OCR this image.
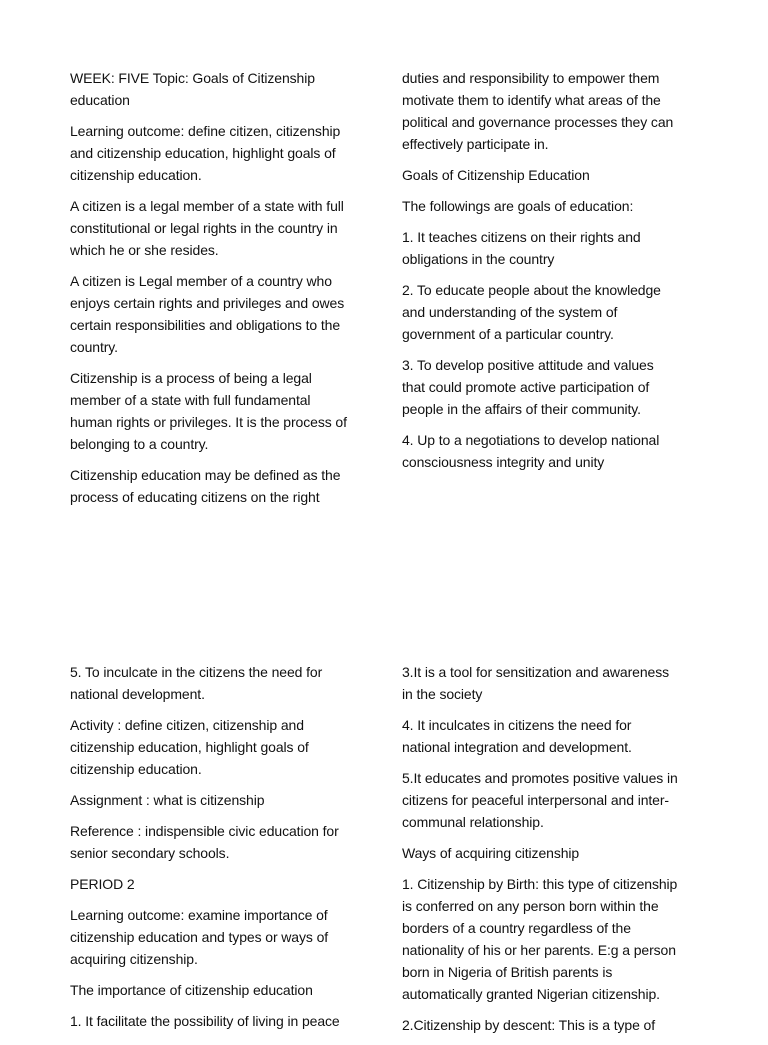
WEEK: FIVE Topic: Goals of Citizenship
education

Learning outcome: define citizen, citizenship
and citizenship education, highlight goals of
citizenship education.

A citizen is a legal member of a state with full
constitutional or legal rights in the country in
which he or she resides.

A citizen is Legal member of a country who
enjoys certain rights and privileges and owes
certain responsibilities and obligations to the
country.

Citizenship is a process of being a legal
member of a state with full fundamental
human rights or privileges. It is the process of
belonging to a country.

Citizenship education may be defined as the
process of educating citizens on the right

duties and responsibility to empower them
motivate them to identify what areas of the
political and governance processes they can
effectively participate in.

Goals of Citizenship Education

The followings are goals of education:

1. It teaches citizens on their rights and
obligations in the country

2. To educate people about the knowledge
and understanding of the system of
government of a particular country.

3. To develop positive attitude and values
that could promote active participation of
people in the affairs of their community.

4. Up to a negotiations to develop national
consciousness integrity and unity

5. To inculcate in the citizens the need for
national development.

Activity : define citizen, citizenship and
citizenship education, highlight goals of
citizenship education.

Assignment : what is citizenship

Reference : indispensible civic education for
senior secondary schools.

PERIOD 2

Learning outcome: examine importance of
citizenship education and types or ways of
acquiring citizenship.

The importance of citizenship education

1. It facilitate the possibility of living in peace

3.It is a tool for sensitization and awareness
in the society

4. It inculcates in citizens the need for
national integration and development.

5.It educates and promotes positive values in
citizens for peaceful interpersonal and inter-
communal relationship.

Ways of acquiring citizenship

1. Citizenship by Birth: this type of citizenship
is conferred on any person born within the
borders of a country regardless of the
nationality of his or her parents. E:g a person
born in Nigeria of British parents is
automatically granted Nigerian citizenship.

2.Citizenship by descent: This is a type of
